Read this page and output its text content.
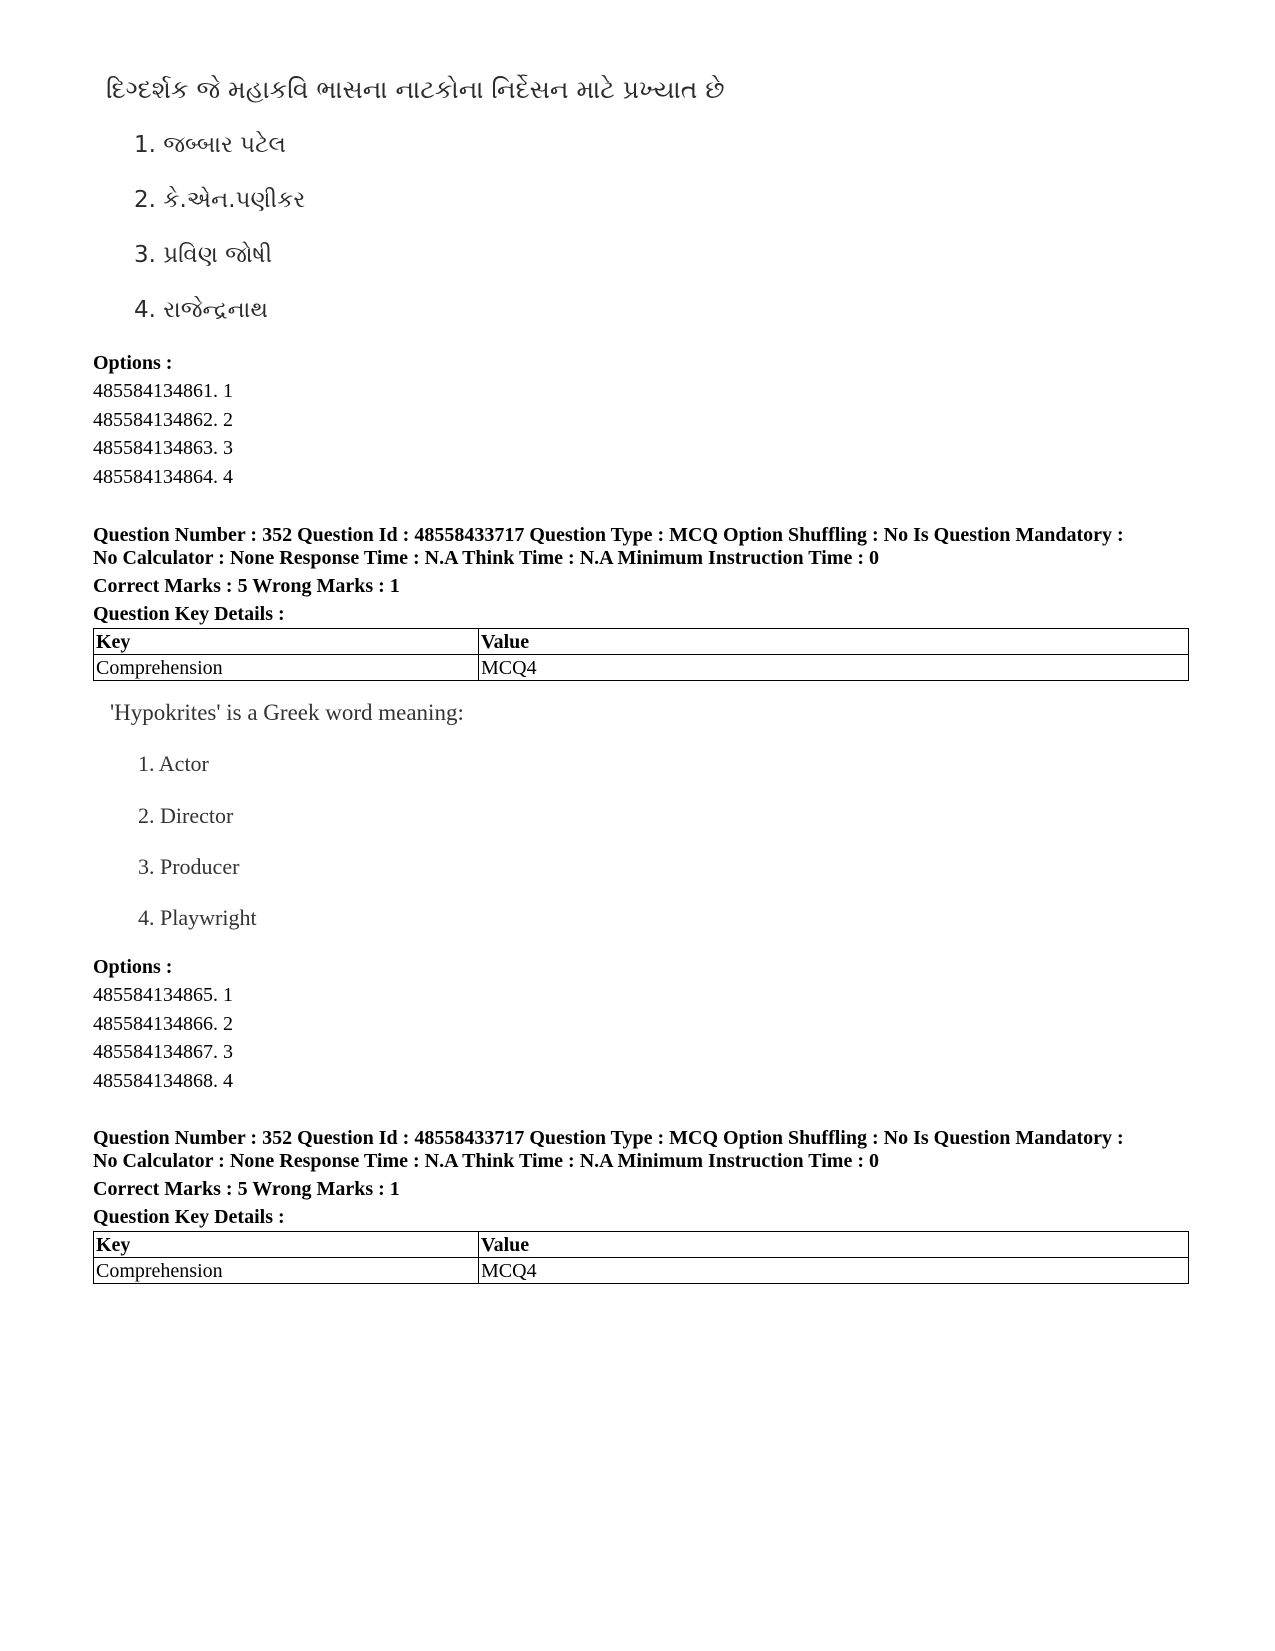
દિગ્દર્શક જે મહાકવિ ભાસના નાટકોના નિર્દેસન માટે પ્રખ્યાત છે
1. જબ્બાર પટેલ
2. કે.એન.પણીકર
3. પ્રવિણ જોષી
4. રાજેન્દ્રનાથ
Options :
485584134861. 1
485584134862. 2
485584134863. 3
485584134864. 4
Question Number : 352 Question Id : 48558433717 Question Type : MCQ Option Shuffling : No Is Question Mandatory :
No Calculator : None Response Time : N.A Think Time : N.A Minimum Instruction Time : 0
Correct Marks : 5 Wrong Marks : 1
Question Key Details :
Key	Value
Comprehension	MCQ4
'Hypokrites' is a Greek word meaning:
1. Actor
2. Director
3. Producer
4. Playwright
Options :
485584134865. 1
485584134866. 2
485584134867. 3
485584134868. 4
Question Number : 352 Question Id : 48558433717 Question Type : MCQ Option Shuffling : No Is Question Mandatory :
No Calculator : None Response Time : N.A Think Time : N.A Minimum Instruction Time : 0
Correct Marks : 5 Wrong Marks : 1
Question Key Details :
Key	Value
Comprehension	MCQ4
